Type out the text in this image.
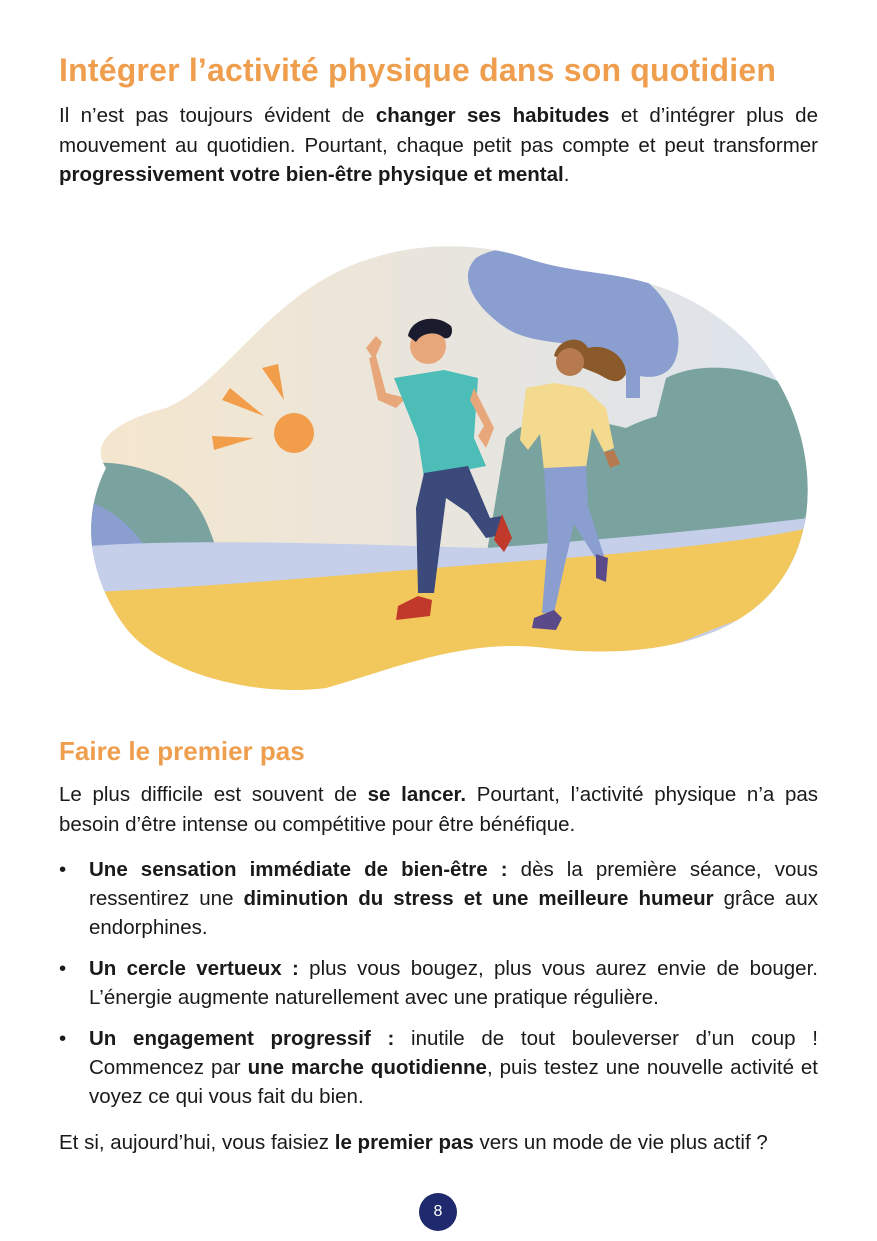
Intégrer l’activité physique dans son quotidien

Il n’est pas toujours évident de changer ses habitudes et d’intégrer plus de mouvement au quotidien. Pourtant, chaque petit pas compte et peut transformer progressivement votre bien-être physique et mental.

Faire le premier pas

Le plus difficile est souvent de se lancer. Pourtant, l’activité physique n’a pas besoin d’être intense ou compétitive pour être bénéfique.

• Une sensation immédiate de bien-être : dès la première séance, vous ressentirez une diminution du stress et une meilleure humeur grâce aux endorphines.
• Un cercle vertueux : plus vous bougez, plus vous aurez envie de bouger. L’énergie augmente naturellement avec une pratique régulière.
• Un engagement progressif : inutile de tout bouleverser d’un coup ! Commencez par une marche quotidienne, puis testez une nouvelle activité et voyez ce qui vous fait du bien.

Et si, aujourd’hui, vous faisiez le premier pas vers un mode de vie plus actif ?

8
